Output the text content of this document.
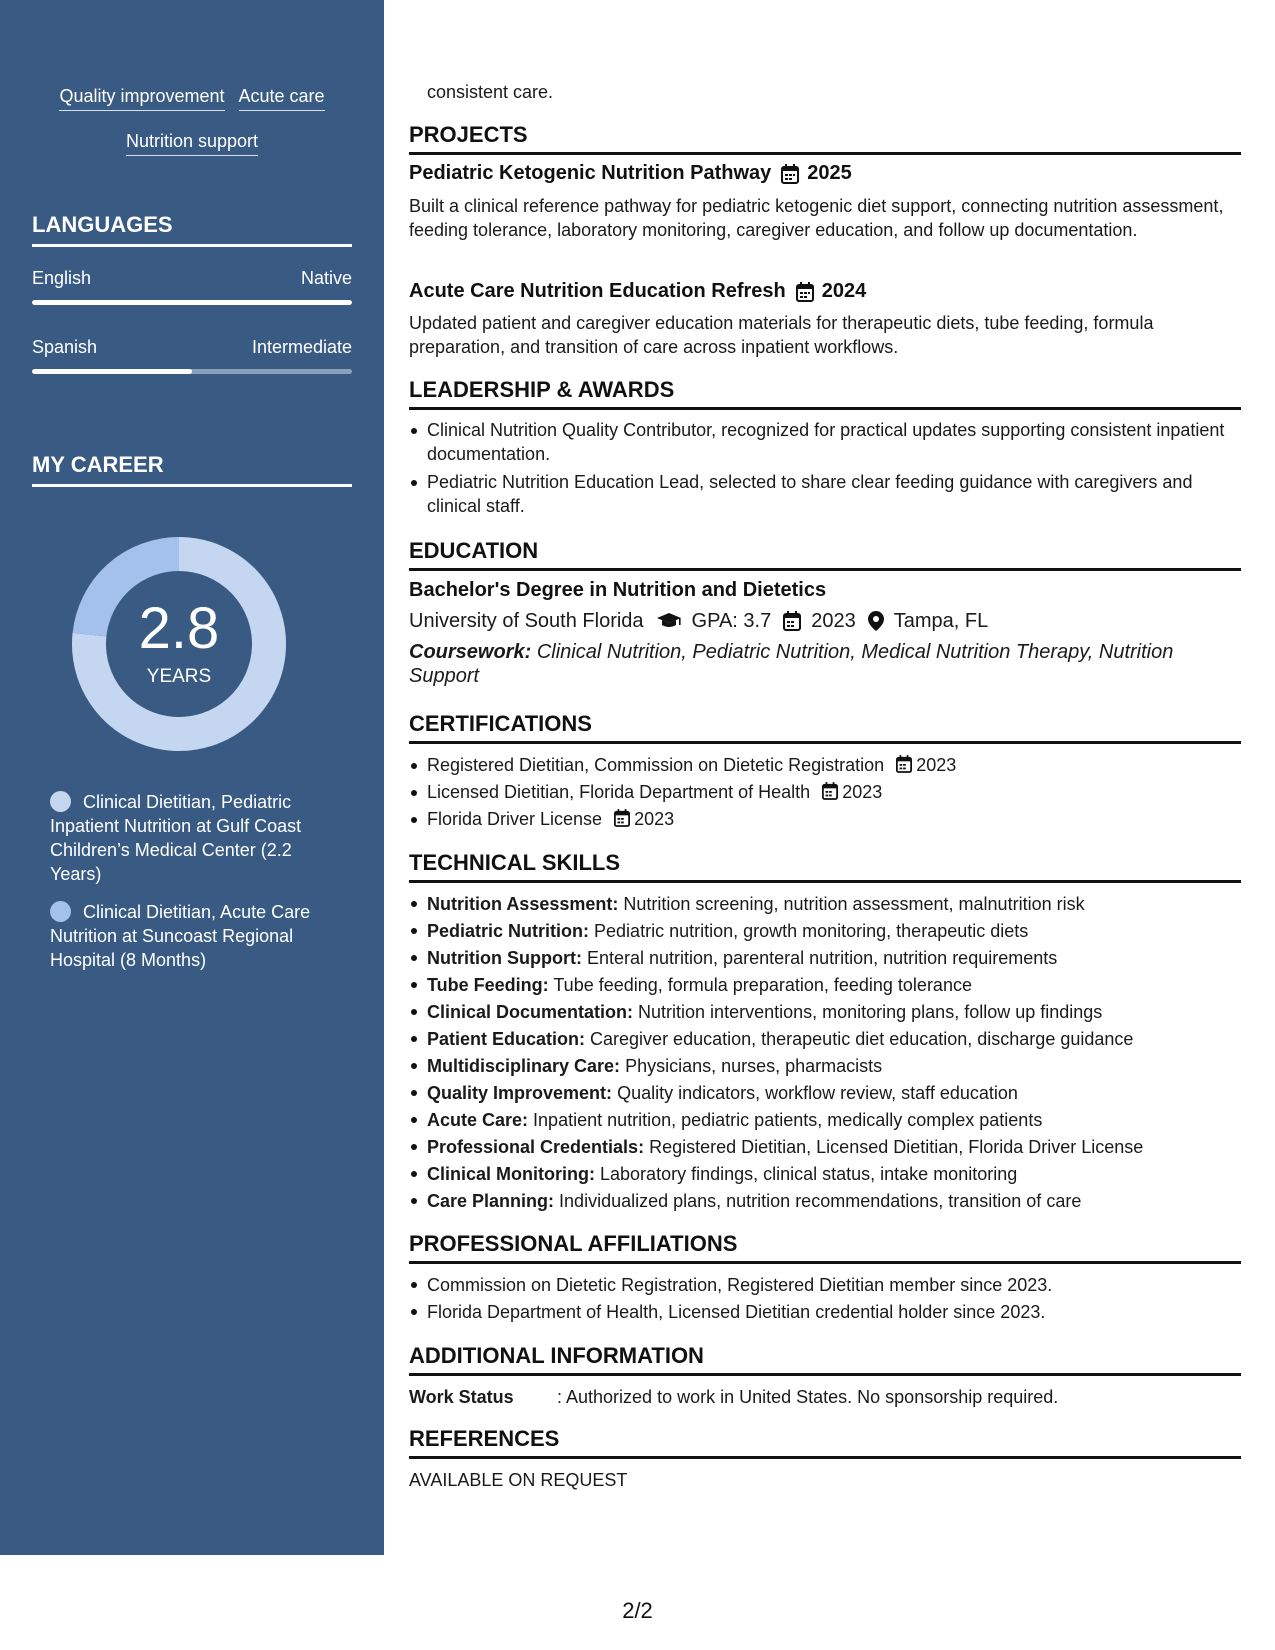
Quality improvement Acute care
Nutrition support
LANGUAGES
English	Native
Spanish	Intermediate
MY CAREER
2.8
YEARS
Clinical Dietitian, Pediatric Inpatient Nutrition at Gulf Coast Children’s Medical Center (2.2 Years)
Clinical Dietitian, Acute Care Nutrition at Suncoast Regional Hospital (8 Months)
consistent care.
PROJECTS
Pediatric Ketogenic Nutrition Pathway 2025
Built a clinical reference pathway for pediatric ketogenic diet support, connecting nutrition assessment, feeding tolerance, laboratory monitoring, caregiver education, and follow up documentation.
Acute Care Nutrition Education Refresh 2024
Updated patient and caregiver education materials for therapeutic diets, tube feeding, formula preparation, and transition of care across inpatient workflows.
LEADERSHIP & AWARDS
Clinical Nutrition Quality Contributor, recognized for practical updates supporting consistent inpatient documentation.
Pediatric Nutrition Education Lead, selected to share clear feeding guidance with caregivers and clinical staff.
EDUCATION
Bachelor's Degree in Nutrition and Dietetics
University of South Florida GPA: 3.7 2023 Tampa, FL
Coursework: Clinical Nutrition, Pediatric Nutrition, Medical Nutrition Therapy, Nutrition Support
CERTIFICATIONS
Registered Dietitian, Commission on Dietetic Registration 2023
Licensed Dietitian, Florida Department of Health 2023
Florida Driver License 2023
TECHNICAL SKILLS
Nutrition Assessment: Nutrition screening, nutrition assessment, malnutrition risk
Pediatric Nutrition: Pediatric nutrition, growth monitoring, therapeutic diets
Nutrition Support: Enteral nutrition, parenteral nutrition, nutrition requirements
Tube Feeding: Tube feeding, formula preparation, feeding tolerance
Clinical Documentation: Nutrition interventions, monitoring plans, follow up findings
Patient Education: Caregiver education, therapeutic diet education, discharge guidance
Multidisciplinary Care: Physicians, nurses, pharmacists
Quality Improvement: Quality indicators, workflow review, staff education
Acute Care: Inpatient nutrition, pediatric patients, medically complex patients
Professional Credentials: Registered Dietitian, Licensed Dietitian, Florida Driver License
Clinical Monitoring: Laboratory findings, clinical status, intake monitoring
Care Planning: Individualized plans, nutrition recommendations, transition of care
PROFESSIONAL AFFILIATIONS
Commission on Dietetic Registration, Registered Dietitian member since 2023.
Florida Department of Health, Licensed Dietitian credential holder since 2023.
ADDITIONAL INFORMATION
Work Status : Authorized to work in United States. No sponsorship required.
REFERENCES
AVAILABLE ON REQUEST
2/2
